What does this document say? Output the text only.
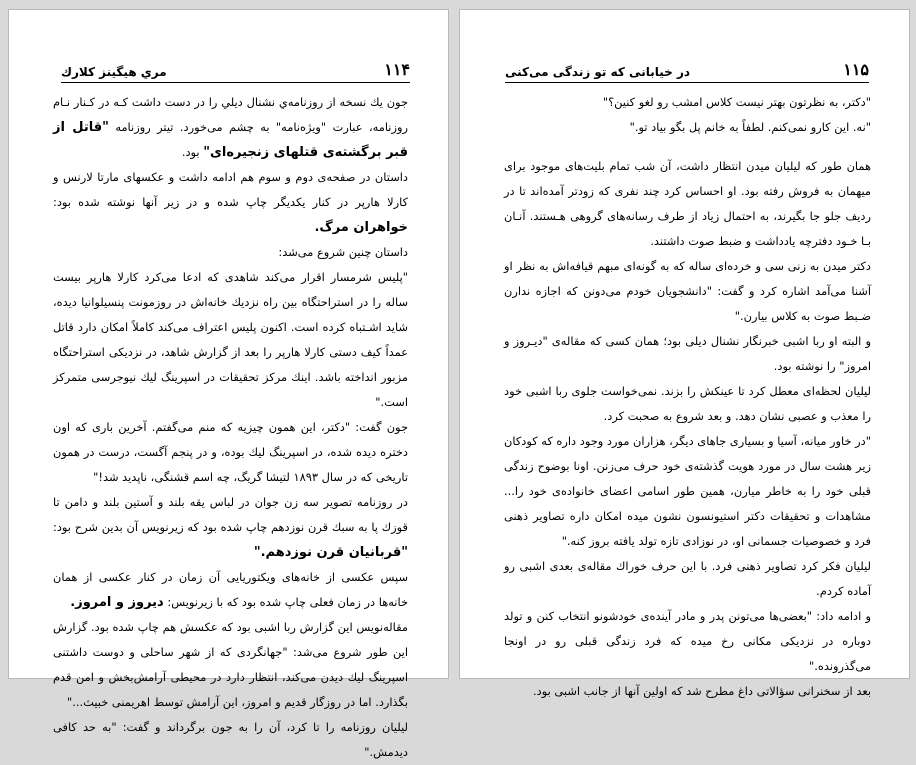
۱۱۴
مري هيگينز كلارك

جون يك نسخه از روزنامه‌ي نشنال ديلي را در دست داشت كـه در كـنار نـام روزنامه، عبارت "ويژه‌نامه" به چشم مى‌خورد. تيتر روزنامه "قاتل از قبر برگشته‌ى قتلهاى زنجيره‌اى" بود.

داستان در صفحه‌ى دوم و سوم هم ادامه داشت و عكسهاى مارتا لارنس و كارلا هارپر در كنار يكديگر چاپ شده و در زير آنها نوشته شده بود: خواهران مرگ.

داستان چنين شروع مى‌شد:

"پليس شرمسار اقرار مى‌كند شاهدى كه ادعا مى‌كرد كارلا هارپر بيست ساله را در استراحتگاه بين راه نزديك خانه‌اش در روزمونت پنسيلوانيا ديده، شايد اشـتباه كرده است. اكنون پليس اعتراف مى‌كند كاملاً امكان دارد قاتل عمداً كيف دستى كارلا هارپر را بعد از گزارش شاهد، در نزديكى استراحتگاه مزبور انداخته باشد. اينك مركز تحقيقات در اسپرينگ ليك نيوجرسى متمركز است."

جون گفت: "دكتر، اين همون چيزيه كه منم مى‌گفتم. آخرين بارى كه اون دختره ديده شده، در اسپرينگ ليك بوده، و در پنجم آگست، درست در همون تاريخى كه در سال ۱۸۹۳ لتيشا گريگ، چه اسم قشنگى، ناپديد شد!"

در روزنامه تصوير سه زن جوان در لباس يقه بلند و آستين بلند و دامن تا قوزك پا به سبك قرن نوزدهم چاپ شده بود كه زيرنويس آن بدين شرح بود: "قربانيان قرن نوزدهم."

سپس عكسى از خانه‌هاى ويكتوريايى آن زمان در كنار عكسى از همان خانه‌ها در زمان فعلى چاپ شده بود كه با زيرنويس: ديروز و امروز.

مقاله‌نويس اين گزارش ربا اشبى بود كه عكسش هم چاپ شده بود. گزارش اين طور شروع مى‌شد: "جهانگردى كه از شهر ساحلى و دوست داشتنى اسپرينگ ليك ديدن مى‌كند، انتظار دارد در محيطى آرامش‌بخش و امن قدم بگذارد. اما در روزگار قديم و امروز، اين آرامش توسط اهريمنى خبيث..."

ليليان روزنامه را تا كرد، آن را به جون برگرداند و گفت: "به حد كافى ديدمش."

۱۱۵
در خيابانى كه تو زندگى مى‌كنى

"دكتر، به نظرتون بهتر نيست كلاس امشب رو لغو كنين؟"

"نه. اين كارو نمى‌كنم. لطفاً به خانم پل بگو بياد تو."

همان طور كه ليليان ميدن انتظار داشت، آن شب تمام بليت‌هاى موجود براى ميهمان به فروش رفته بود. او احساس كرد چند نفرى كه زودتر آمده‌اند تا در رديف جلو جا بگيرند، به احتمال زياد از طرف رسانه‌هاى گروهى هـستند. آنـان بـا خـود دفترچه يادداشت و ضبط صوت داشتند.

دكتر ميدن به زنى سى و خرده‌اى ساله كه به گونه‌اى مبهم قيافه‌اش به نظر او آشنا مى‌آمد اشاره كرد و گفت: "دانشجويان خودم مى‌دونن كه اجازه ندارن ضـبط صوت به كلاس بيارن."

و البته او ربا اشبى خبرنگار نشنال ديلى بود؛ همان كسى كه مقاله‌ى "ديـروز و امروز" را نوشته بود.

ليليان لحظه‌اى معطل كرد تا عينكش را بزند. نمى‌خواست جلوى ربا اشبى خود را معذب و عصبى نشان دهد. و بعد شروع به صحبت كرد.

"در خاور ميانه، آسيا و بسيارى جاهاى ديگر، هزاران مورد وجود داره كه كودكان زير هشت سال در مورد هويت گذشته‌ى خود حرف مى‌زنن. اونا بوضوح زندگى قبلى خود را به خاطر ميارن، همين طور اسامى اعضاى خانواده‌ى خود را... مشاهدات و تحقيقات دكتر استيونسون نشون ميده امكان داره تصاوير ذهنى فرد و خصوصيات جسمانى او، در نوزادى تازه تولد يافته بروز كنه."

ليليان فكر كرد تصاوير ذهنى فرد. با اين حرف خوراك مقاله‌ى بعدى اشبى رو آماده كردم.

و ادامه داد: "بعضى‌ها مى‌تونن پدر و مادر آينده‌ى خودشونو انتخاب كنن و تولد دوباره در نزديكى مكانى رخ ميده كه فرد زندگى قبلى رو در اونجا مى‌گذرونده."

بعد از سخنرانى سؤالاتى داغ مطرح شد كه اولين آنها از جانب اشبى بود.
